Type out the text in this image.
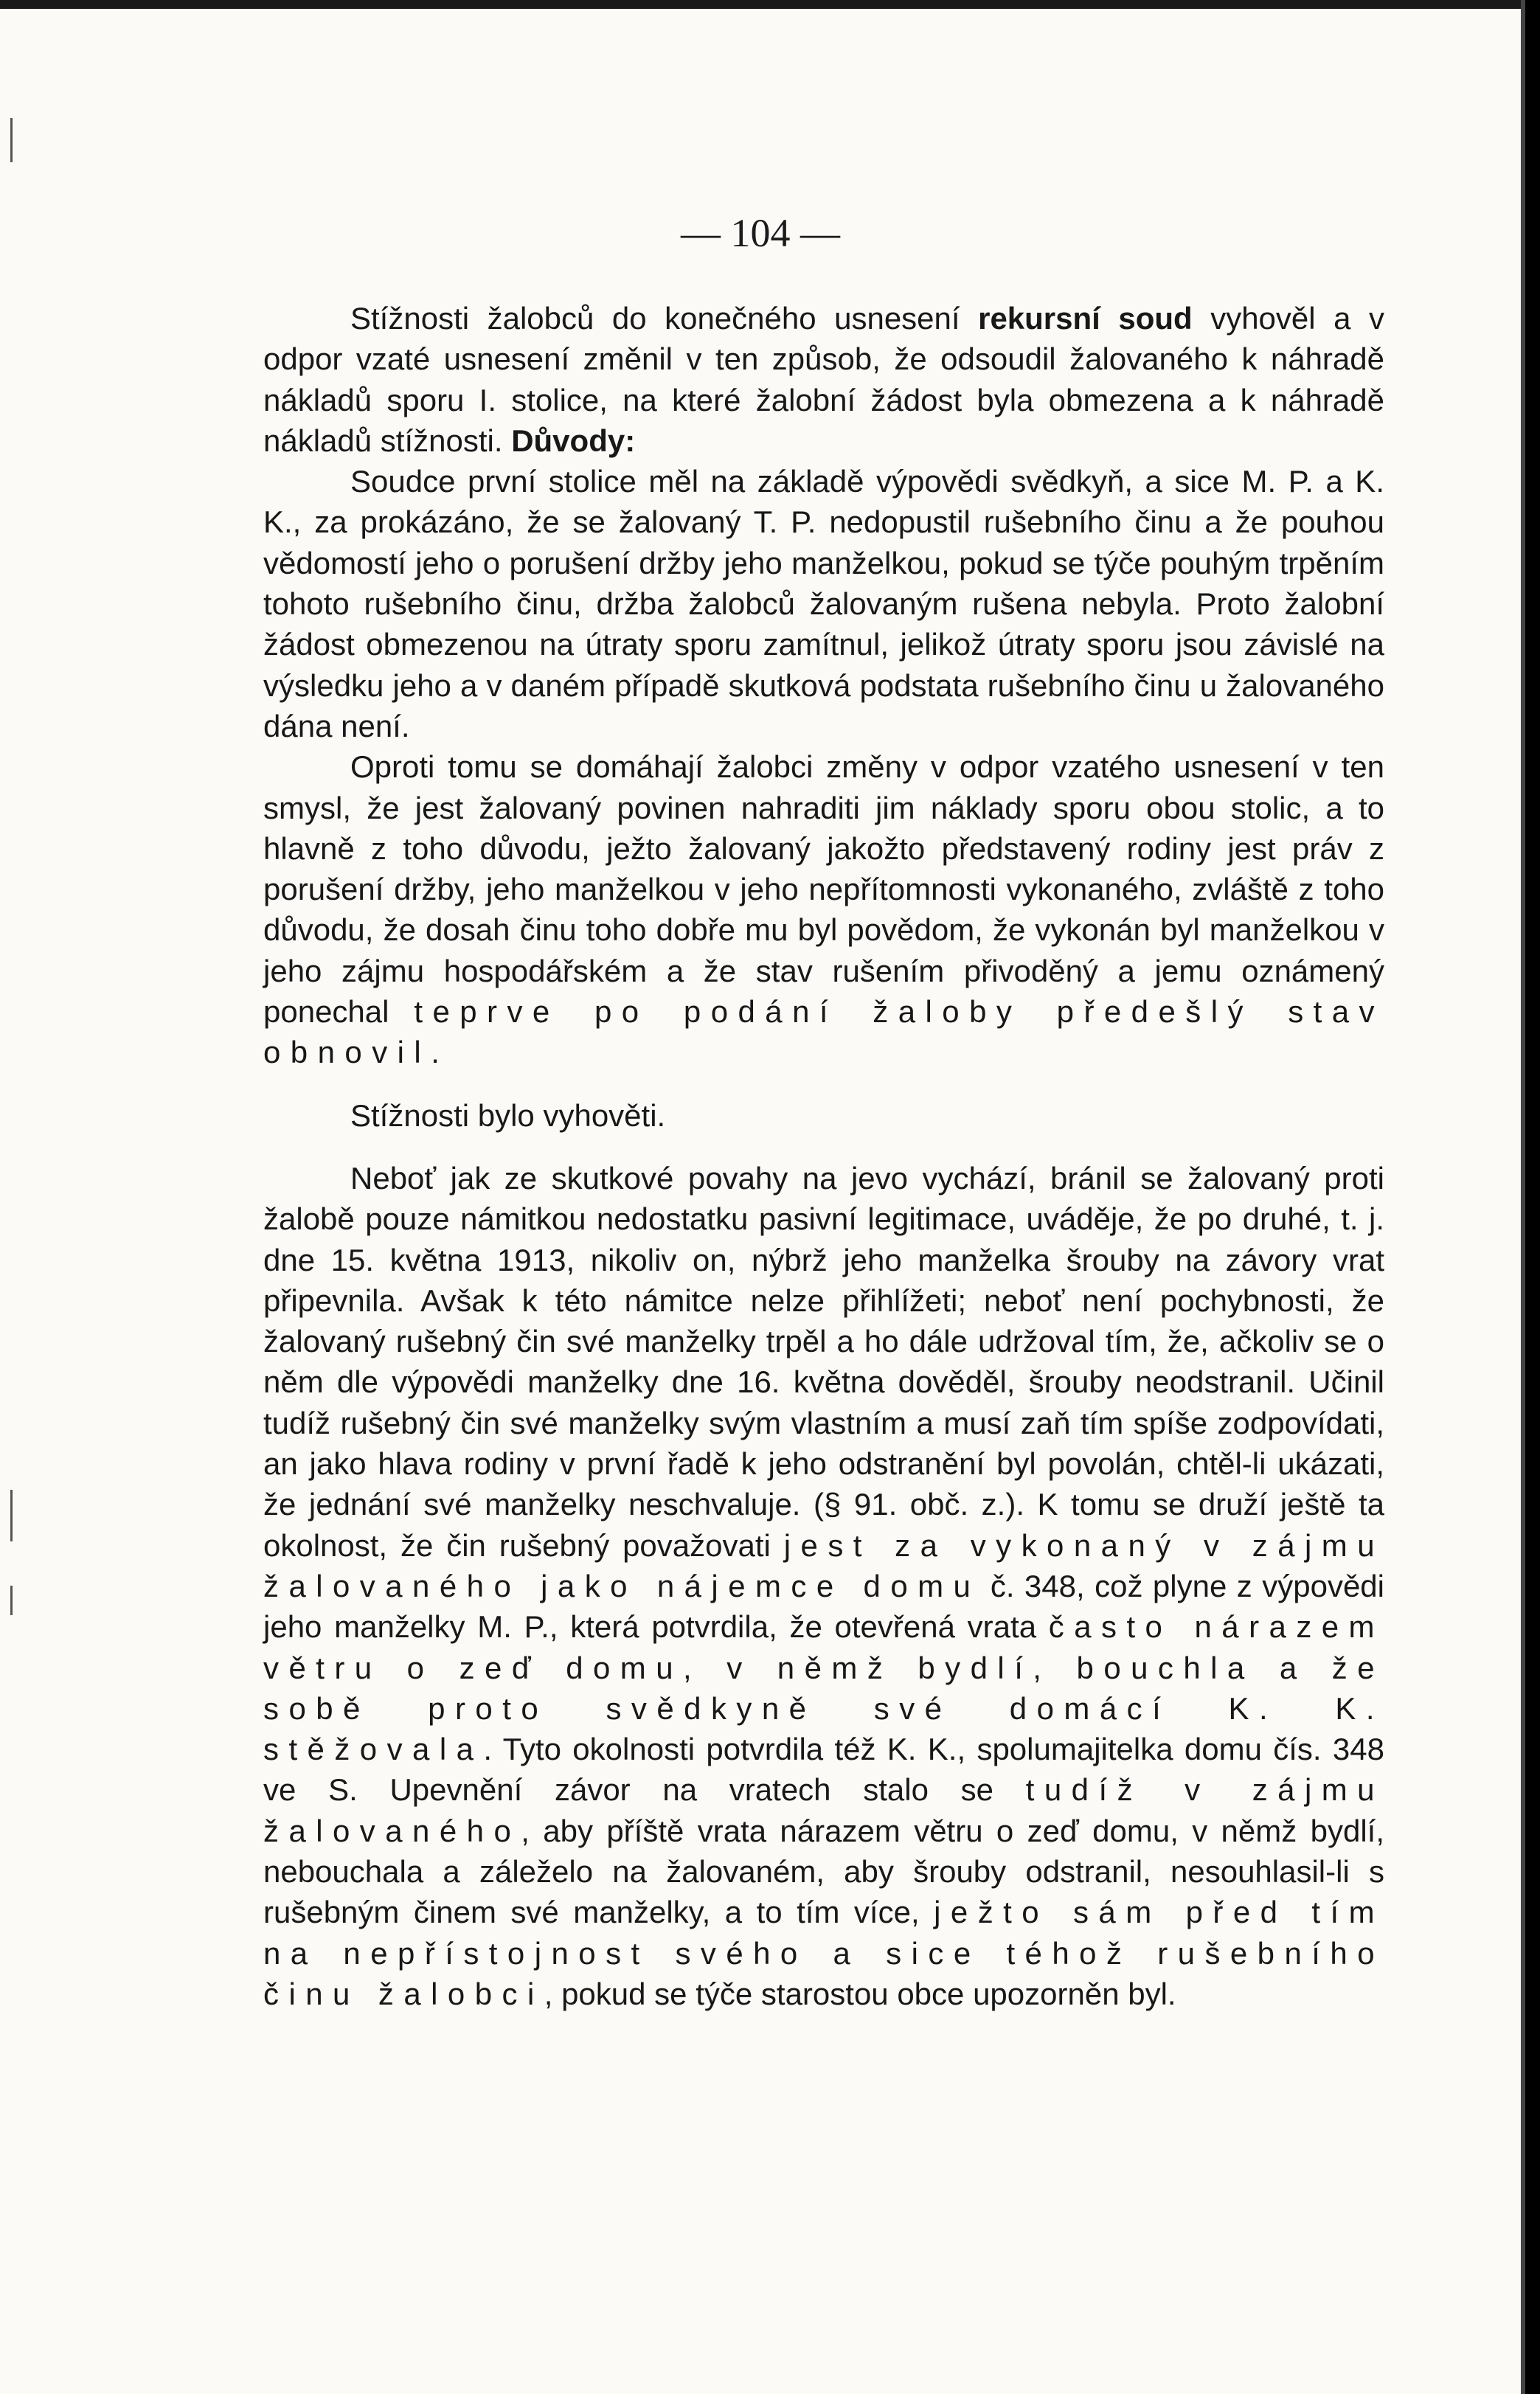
— 104 —

Stížnosti žalobců do konečného usnesení rekursní soud vyhověl a v odpor vzaté usnesení změnil v ten způsob, že odsoudil žalovaného k náhradě nákladů sporu I. stolice, na které žalobní žádost byla obmezena a k náhradě nákladů stížnosti. Důvody:

Soudce první stolice měl na základě výpovědi svědkyň, a sice M. P. a K. K., za prokázáno, že se žalovaný T. P. nedopustil rušebního činu a že pouhou vědomostí jeho o porušení držby jeho manželkou, pokud se týče pouhým trpěním tohoto rušebního činu, držba žalobců žalovaným rušena nebyla. Proto žalobní žádost obmezenou na útraty sporu zamítnul, jelikož útraty sporu jsou závislé na výsledku jeho a v daném případě skutková podstata rušebního činu u žalovaného dána není.

Oproti tomu se domáhají žalobci změny v odpor vzatého usnesení v ten smysl, že jest žalovaný povinen nahraditi jim náklady sporu obou stolic, a to hlavně z toho důvodu, ježto žalovaný jakožto představený rodiny jest práv z porušení držby, jeho manželkou v jeho nepřítomnosti vykonaného, zvláště z toho důvodu, že dosah činu toho dobře mu byl povědom, že vykonán byl manželkou v jeho zájmu hospodářském a že stav rušením přivoděný a jemu oznámený ponechal teprve po podání žaloby předešlý stav obnovil.

Stížnosti bylo vyhověti.

Neboť jak ze skutkové povahy na jevo vychází, bránil se žalovaný proti žalobě pouze námitkou nedostatku pasivní legitimace, uváděje, že po druhé, t. j. dne 15. května 1913, nikoliv on, nýbrž jeho manželka šrouby na závory vrat připevnila. Avšak k této námitce nelze přihlížeti; neboť není pochybnosti, že žalovaný rušebný čin své manželky trpěl a ho dále udržoval tím, že, ačkoliv se o něm dle výpovědi manželky dne 16. května dověděl, šrouby neodstranil. Učinil tudíž rušebný čin své manželky svým vlastním a musí zaň tím spíše zodpovídati, an jako hlava rodiny v první řadě k jeho odstranění byl povolán, chtěl-li ukázati, že jednání své manželky neschvaluje. (§ 91. obč. z.). K tomu se druží ještě ta okolnost, že čin rušebný považovati jest za vykonaný v zájmu žalovaného jako nájemce domu č. 348, což plyne z výpovědi jeho manželky M. P., která potvrdila, že otevřená vrata často nárazem větru o zeď domu, v němž bydlí, bouchla a že sobě proto svědkyně své domácí K. K. stěžovala. Tyto okolnosti potvrdila též K. K., spolumajitelka domu čís. 348 ve S. Upevnění závor na vratech stalo se tudíž v zájmu žalovaného, aby příště vrata nárazem větru o zeď domu, v němž bydlí, nebouchala a záleželo na žalovaném, aby šrouby odstranil, nesouhlasil-li s rušebným činem své manželky, a to tím více, ježto sám před tím na nepřístojnost svého a sice téhož rušebního činu žalobci, pokud se týče starostou obce upozorněn byl.
